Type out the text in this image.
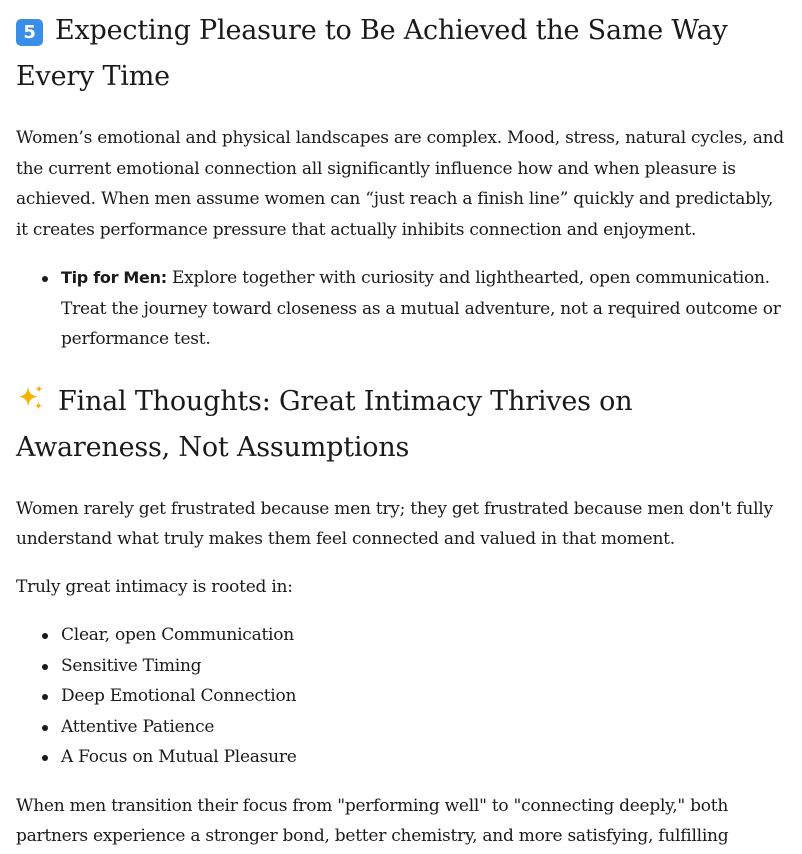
5 Expecting Pleasure to Be Achieved the Same Way Every Time

Women’s emotional and physical landscapes are complex. Mood, stress, natural cycles, and the current emotional connection all significantly influence how and when pleasure is achieved. When men assume women can “just reach a finish line” quickly and predictably, it creates performance pressure that actually inhibits connection and enjoyment.

Tip for Men: Explore together with curiosity and lighthearted, open communication. Treat the journey toward closeness as a mutual adventure, not a required outcome or performance test.
Final Thoughts: Great Intimacy Thrives on Awareness, Not Assumptions

Women rarely get frustrated because men try; they get frustrated because men don't fully understand what truly makes them feel connected and valued in that moment.

Truly great intimacy is rooted in:

Clear, open Communication
Sensitive Timing
Deep Emotional Connection
Attentive Patience
A Focus on Mutual Pleasure

When men transition their focus from "performing well" to "connecting deeply," both partners experience a stronger bond, better chemistry, and more satisfying, fulfilling
